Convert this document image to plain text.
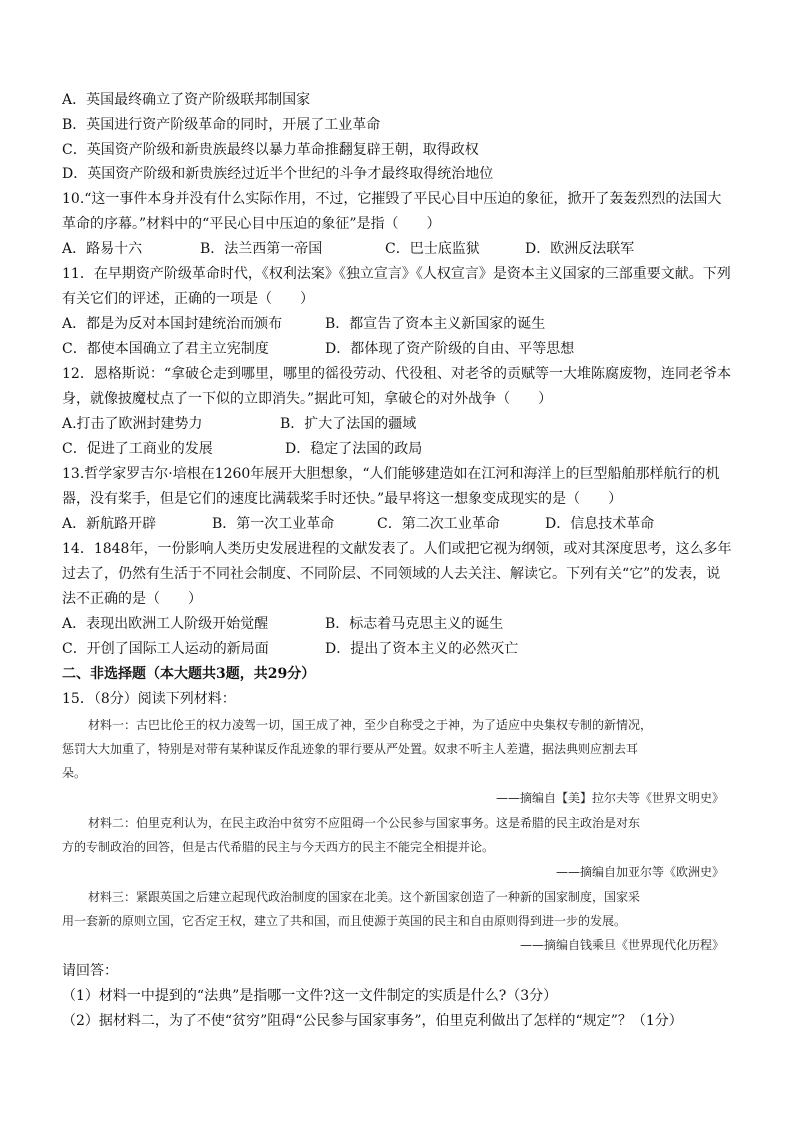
A．英国最终确立了资产阶级联邦制国家
B．英国进行资产阶级革命的同时，开展了工业革命
C．英国资产阶级和新贵族最终以暴力革命推翻复辟王朝，取得政权
D．英国资产阶级和新贵族经过近半个世纪的斗争才最终取得统治地位
10.“这一事件本身并没有什么实际作用，不过，它摧毁了平民心目中压迫的象征，掀开了轰轰烈烈的法国大
革命的序幕。”材料中的“平民心目中压迫的象征”是指（　　）
A．路易十六	B．法兰西第一帝国	C．巴士底监狱	D．欧洲反法联军
11．在早期资产阶级革命时代，《权利法案》《独立宣言》《人权宣言》是资本主义国家的三部重要文献。下列
有关它们的评述，正确的一项是（　　）
A．都是为反对本国封建统治而颁布	B．都宣告了资本主义新国家的诞生
C．都使本国确立了君主立宪制度	D．都体现了资产阶级的自由、平等思想
12．恩格斯说：“拿破仑走到哪里，哪里的徭役劳动、代役租、对老爷的贡赋等一大堆陈腐废物，连同老爷本
身，就像披魔杖点了一下似的立即消失。”据此可知，拿破仑的对外战争（　　）
A.打击了欧洲封建势力	B．扩大了法国的疆域
C．促进了工商业的发展	D．稳定了法国的政局
13.哲学家罗吉尔·培根在1260年展开大胆想象，“人们能够建造如在江河和海洋上的巨型船舶那样航行的机
器，没有桨手，但是它们的速度比满载桨手时还快。”最早将这一想象变成现实的是（　　）
A．新航路开辟	B．第一次工业革命	C．第二次工业革命	D．信息技术革命
14．1848年，一份影响人类历史发展进程的文献发表了。人们或把它视为纲领，或对其深度思考，这么多年
过去了，仍然有生活于不同社会制度、不同阶层、不同领域的人去关注、解读它。下列有关“它”的发表，说
法不正确的是（　　）
A．表现出欧洲工人阶级开始觉醒	B．标志着马克思主义的诞生
C．开创了国际工人运动的新局面	D．提出了资本主义的必然灭亡
二、非选择题（本大题共3题，共29分）
15．（8分）阅读下列材料：
材料一：古巴比伦王的权力凌驾一切，国王成了神，至少自称受之于神，为了适应中央集权专制的新情况，
惩罚大大加重了，特别是对带有某种谋反作乱迹象的罪行要从严处置。奴隶不听主人差遣，据法典则应割去耳
朵。
——摘编自【美】拉尔夫等《世界文明史》
材料二：伯里克利认为，在民主政治中贫穷不应阻碍一个公民参与国家事务。这是希腊的民主政治是对东
方的专制政治的回答，但是古代希腊的民主与今天西方的民主不能完全相提并论。
——摘编自加亚尔等《欧洲史》
材料三：紧跟英国之后建立起现代政治制度的国家在北美。这个新国家创造了一种新的国家制度，国家采
用一套新的原则立国，它否定王权，建立了共和国，而且使源于英国的民主和自由原则得到进一步的发展。
——摘编自钱乘旦《世界现代化历程》
请回答：
（1）材料一中提到的“法典”是指哪一文件?这一文件制定的实质是什么?（3分）
（2）据材料二，为了不使“贫穷”阻碍“公民参与国家事务”，伯里克利做出了怎样的“规定”？（1分）
